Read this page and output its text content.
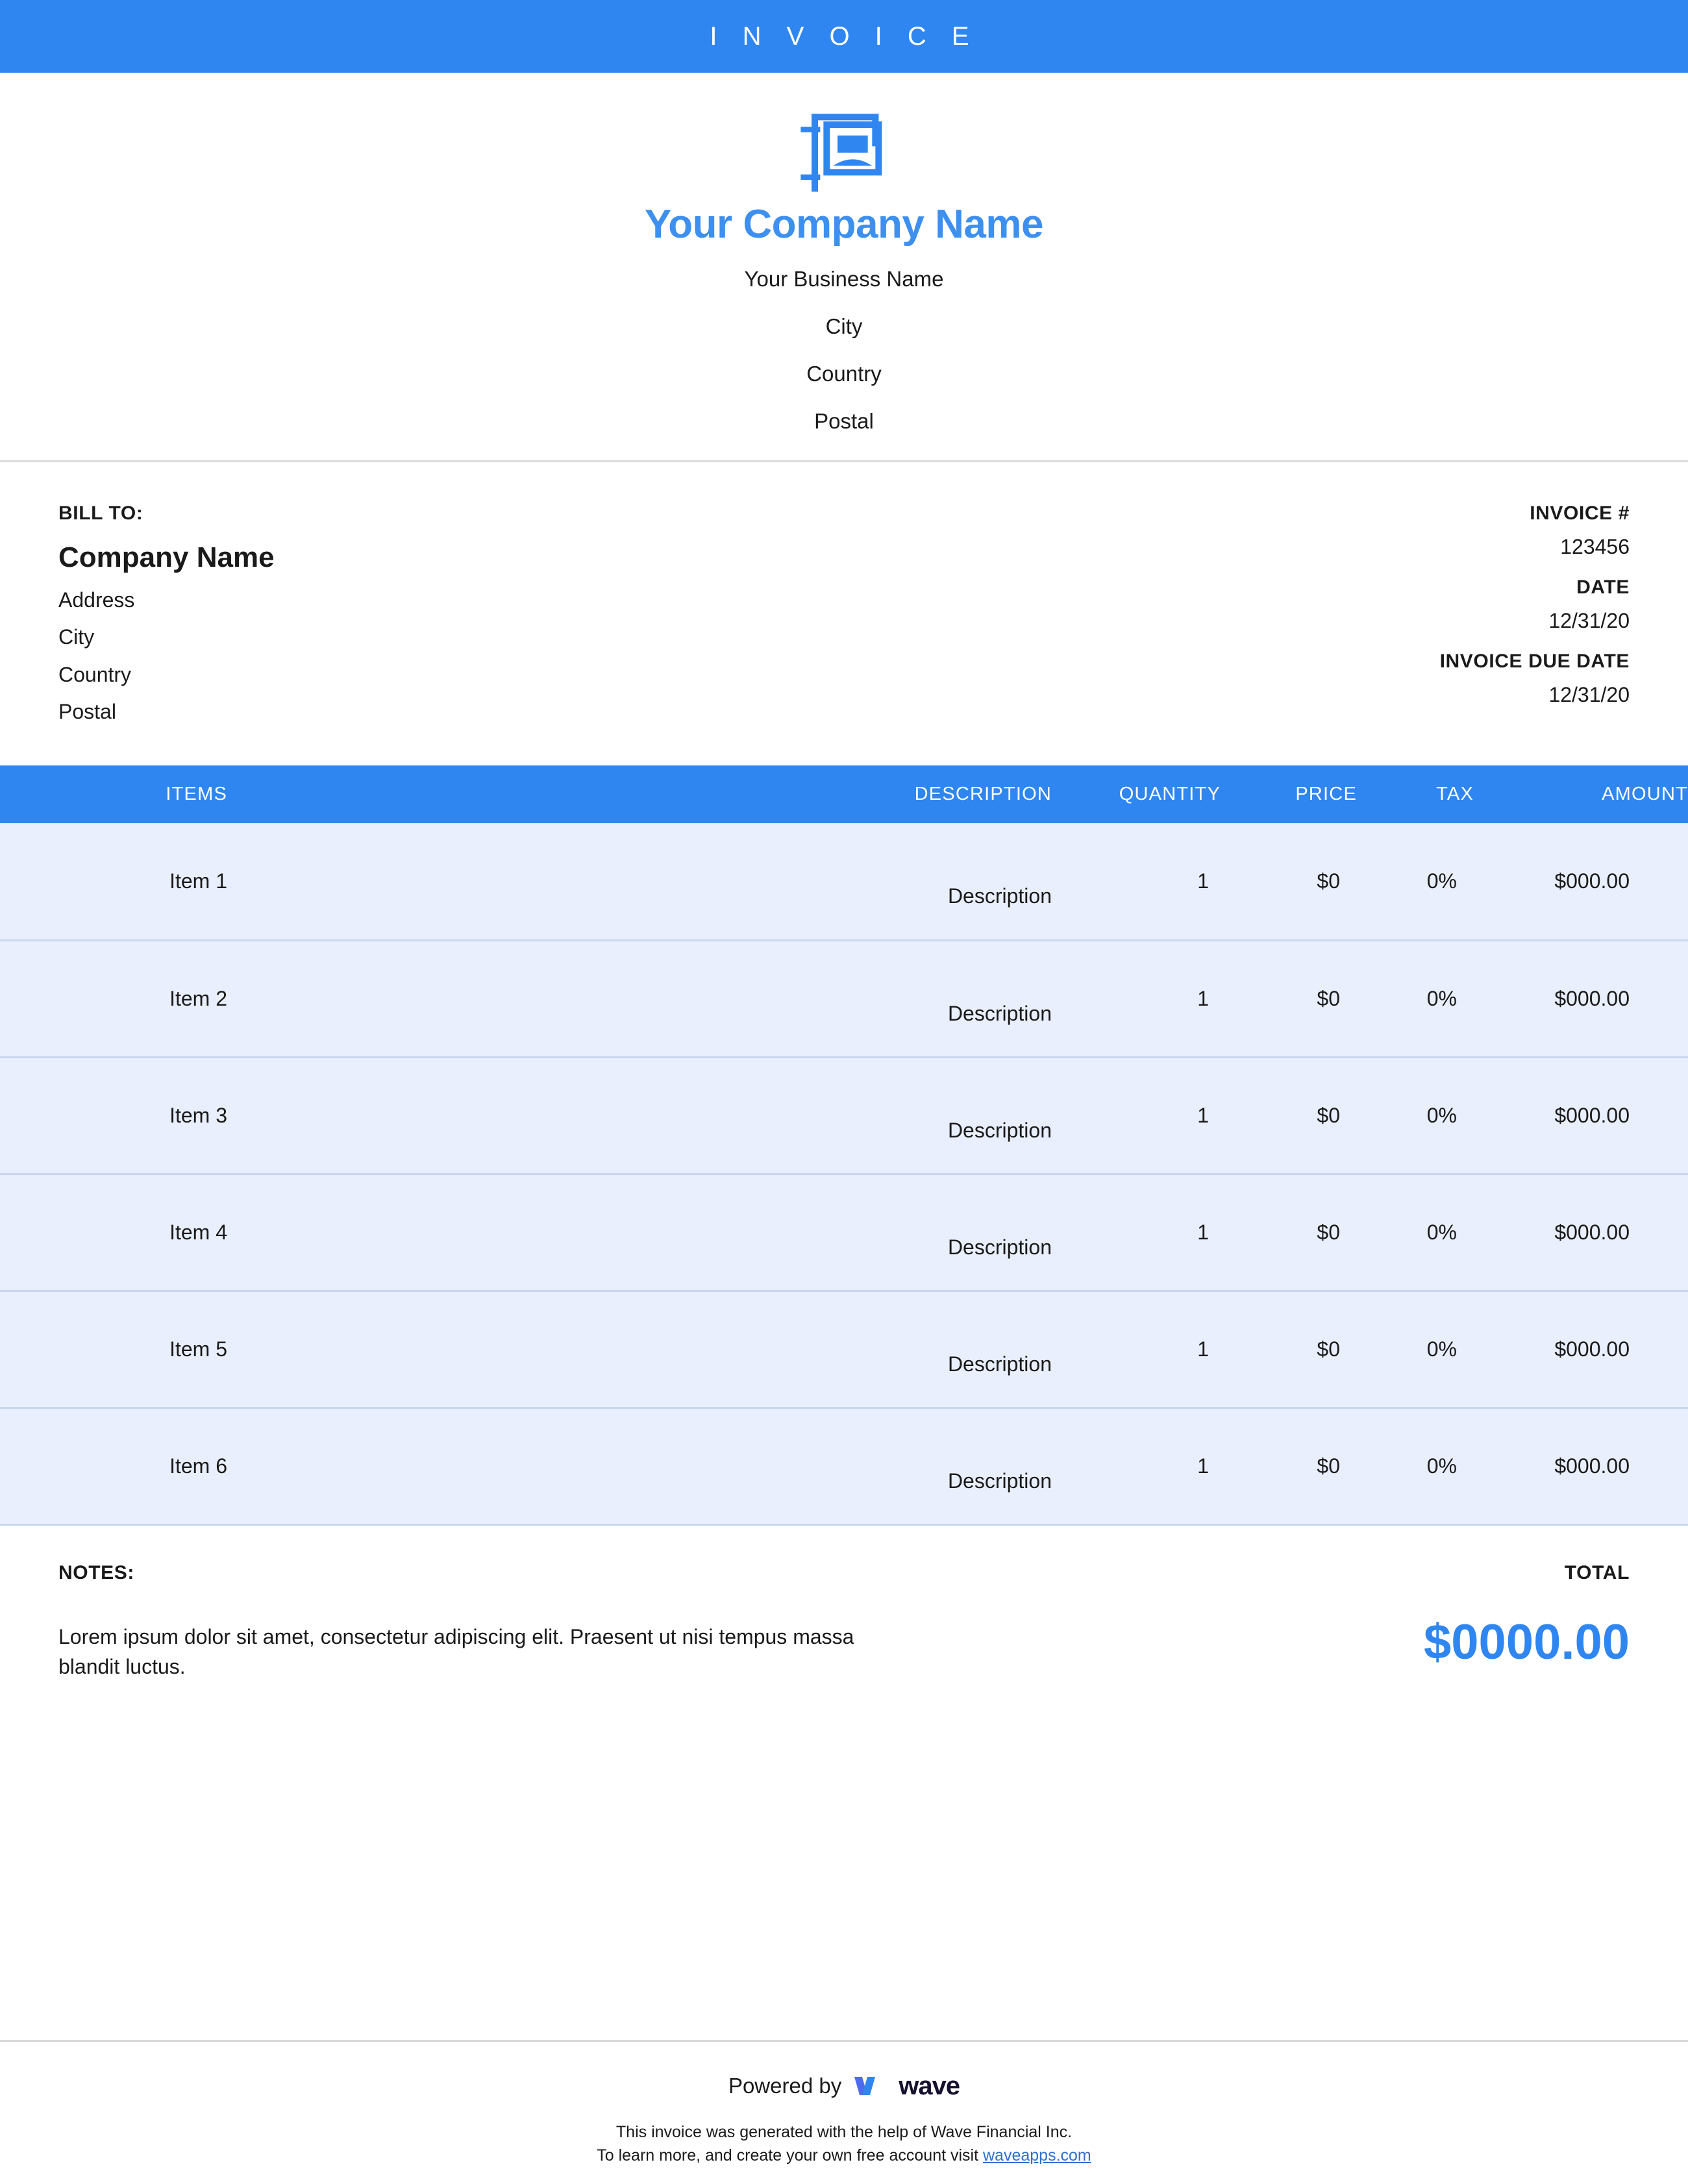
I N V O I C E
Your Company Name
Your Business Name
City
Country
Postal
BILL TO:
Company Name
Address
City
Country
Postal
INVOICE #
123456
DATE
12/31/20
INVOICE DUE DATE
12/31/20
ITEMS	DESCRIPTION	QUANTITY	PRICE	TAX	AMOUNT
Item 1	Description	1	$0	0%	$000.00
Item 2	Description	1	$0	0%	$000.00
Item 3	Description	1	$0	0%	$000.00
Item 4	Description	1	$0	0%	$000.00
Item 5	Description	1	$0	0%	$000.00
Item 6	Description	1	$0	0%	$000.00
NOTES:
Lorem ipsum dolor sit amet, consectetur adipiscing elit. Praesent ut nisi tempus massa blandit luctus.
TOTAL
$0000.00
Powered by wave
This invoice was generated with the help of Wave Financial Inc.
To learn more, and create your own free account visit waveapps.com
